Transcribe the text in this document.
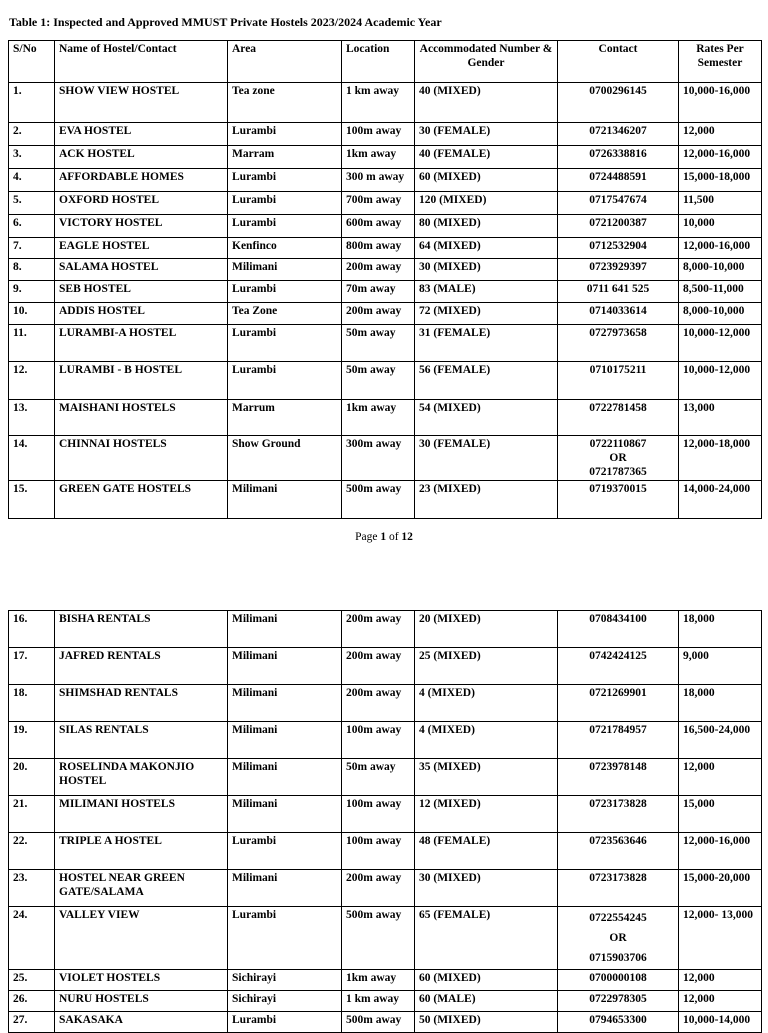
Table 1: Inspected and Approved MMUST Private Hostels 2023/2024 Academic Year
S/No	Name of Hostel/Contact	Area	Location	Accommodated Number & Gender	Contact	Rates Per Semester
1.	SHOW VIEW HOSTEL	Tea zone	1 km away	40 (MIXED)	0700296145	10,000-16,000
2.	EVA HOSTEL	Lurambi	100m away	30 (FEMALE)	0721346207	12,000
3.	ACK HOSTEL	Marram	1km away	40 (FEMALE)	0726338816	12,000-16,000
4.	AFFORDABLE HOMES	Lurambi	300 m away	60 (MIXED)	0724488591	15,000-18,000
5.	OXFORD HOSTEL	Lurambi	700m away	120 (MIXED)	0717547674	11,500
6.	VICTORY HOSTEL	Lurambi	600m away	80 (MIXED)	0721200387	10,000
7.	EAGLE HOSTEL	Kenfinco	800m away	64 (MIXED)	0712532904	12,000-16,000
8.	SALAMA HOSTEL	Milimani	200m away	30 (MIXED)	0723929397	8,000-10,000
9.	SEB HOSTEL	Lurambi	70m away	83 (MALE)	0711 641 525	8,500-11,000
10.	ADDIS HOSTEL	Tea Zone	200m away	72 (MIXED)	0714033614	8,000-10,000
11.	LURAMBI-A HOSTEL	Lurambi	50m away	31 (FEMALE)	0727973658	10,000-12,000
12.	LURAMBI - B HOSTEL	Lurambi	50m away	56 (FEMALE)	0710175211	10,000-12,000
13.	MAISHANI HOSTELS	Marrum	1km away	54 (MIXED)	0722781458	13,000
14.	CHINNAI HOSTELS	Show Ground	300m away	30 (FEMALE)	0722110867
OR
0721787365	12,000-18,000
15.	GREEN GATE HOSTELS	Milimani	500m away	23 (MIXED)	0719370015	14,000-24,000
Page 1 of 12
16.	BISHA RENTALS	Milimani	200m away	20 (MIXED)	0708434100	18,000
17.	JAFRED RENTALS	Milimani	200m away	25 (MIXED)	0742424125	9,000
18.	SHIMSHAD RENTALS	Milimani	200m away	4 (MIXED)	0721269901	18,000
19.	SILAS RENTALS	Milimani	100m away	4 (MIXED)	0721784957	16,500-24,000
20.	ROSELINDA MAKONJIO HOSTEL	Milimani	50m away	35 (MIXED)	0723978148	12,000
21.	MILIMANI HOSTELS	Milimani	100m away	12 (MIXED)	0723173828	15,000
22.	TRIPLE A HOSTEL	Lurambi	100m away	48 (FEMALE)	0723563646	12,000-16,000
23.	HOSTEL NEAR GREEN GATE/SALAMA	Milimani	200m away	30 (MIXED)	0723173828	15,000-20,000
24.	VALLEY VIEW	Lurambi	500m away	65 (FEMALE)	0722554245
OR
0715903706	12,000- 13,000
25.	VIOLET HOSTELS	Sichirayi	1km away	60 (MIXED)	0700000108	12,000
26.	NURU HOSTELS	Sichirayi	1 km away	60 (MALE)	0722978305	12,000
27.	SAKASAKA	Lurambi	500m away	50 (MIXED)	0794653300	10,000-14,000
